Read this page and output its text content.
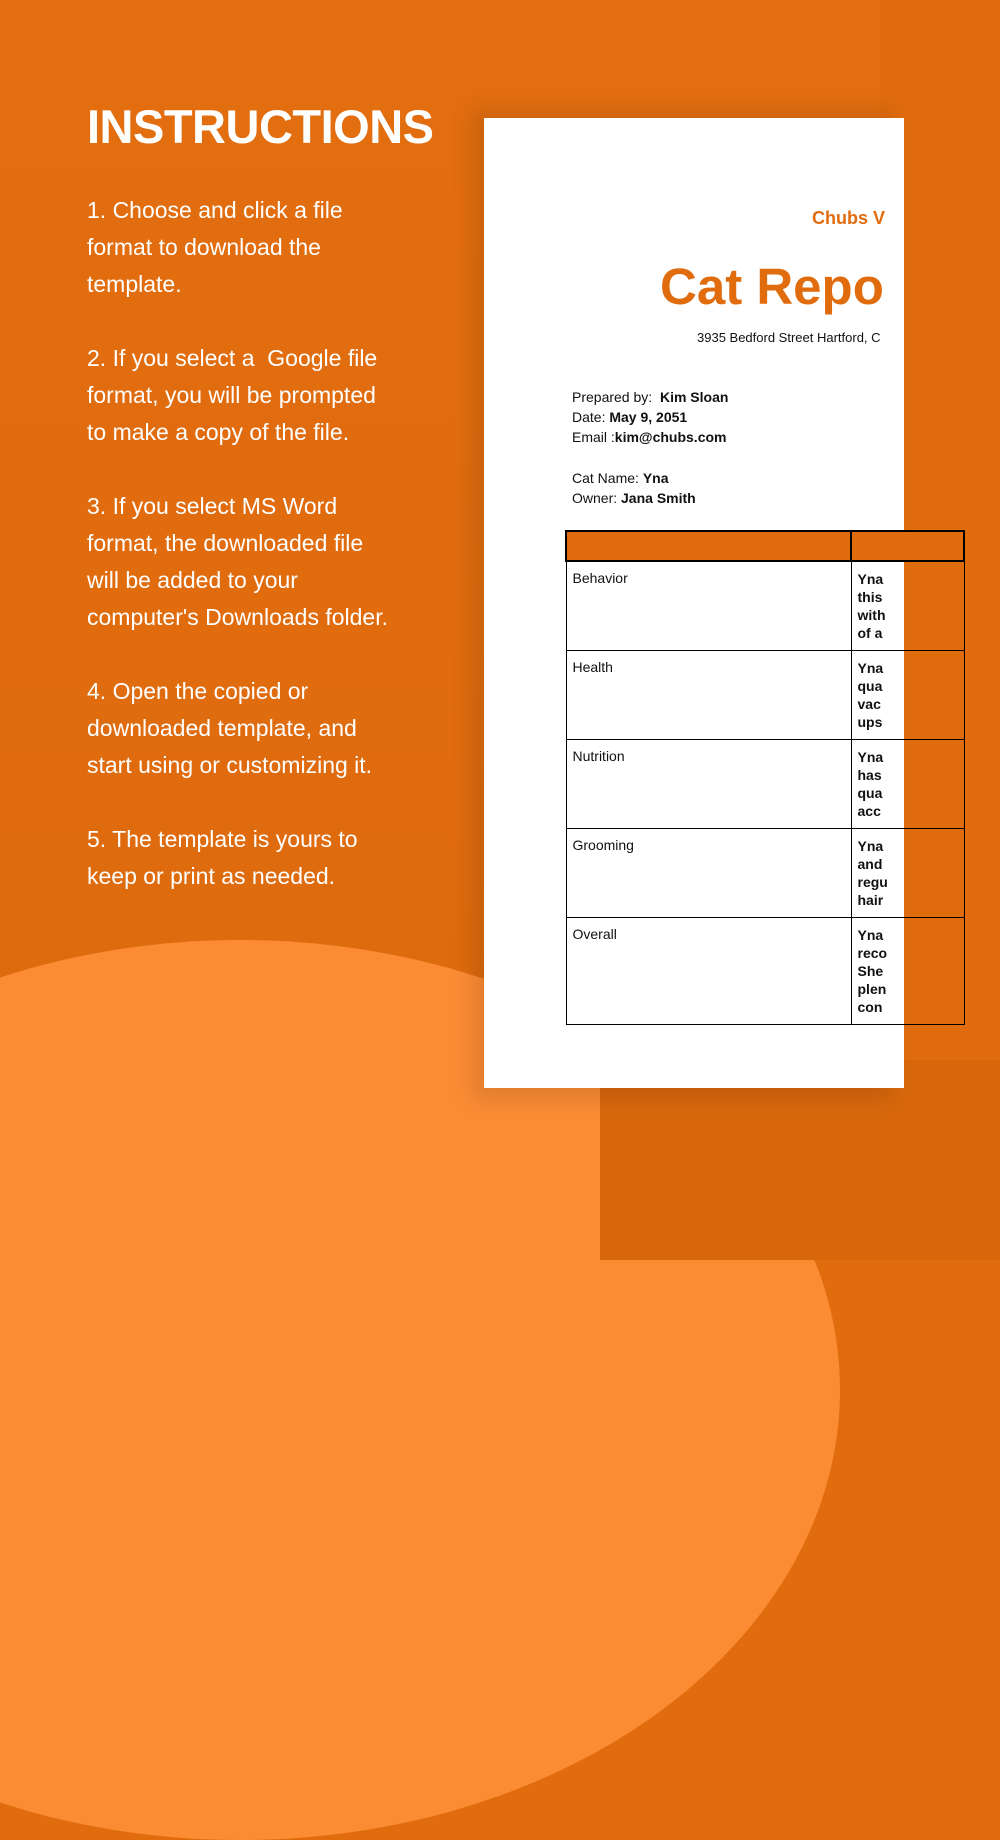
INSTRUCTIONS

1. Choose and click a file
format to download the
template.

2. If you select a  Google file
format, you will be prompted
to make a copy of the file.

3. If you select MS Word
format, the downloaded file
will be added to your
computer's Downloads folder.

4. Open the copied or
downloaded template, and
start using or customizing it.

5. The template is yours to
keep or print as needed.

Chubs V
Cat Repo
3935 Bedford Street Hartford, C
Prepared by: Kim Sloan
Date: May 9, 2051
Email :kim@chubs.com
Cat Name: Yna
Owner: Jana Smith

Behavior	Yna
this
with
of a

Health	Yna
qua
vac
ups

Nutrition	Yna
has
qua
acc

Grooming	Yna
and
regu
hair

Overall	Yna
reco
She
plen
con
